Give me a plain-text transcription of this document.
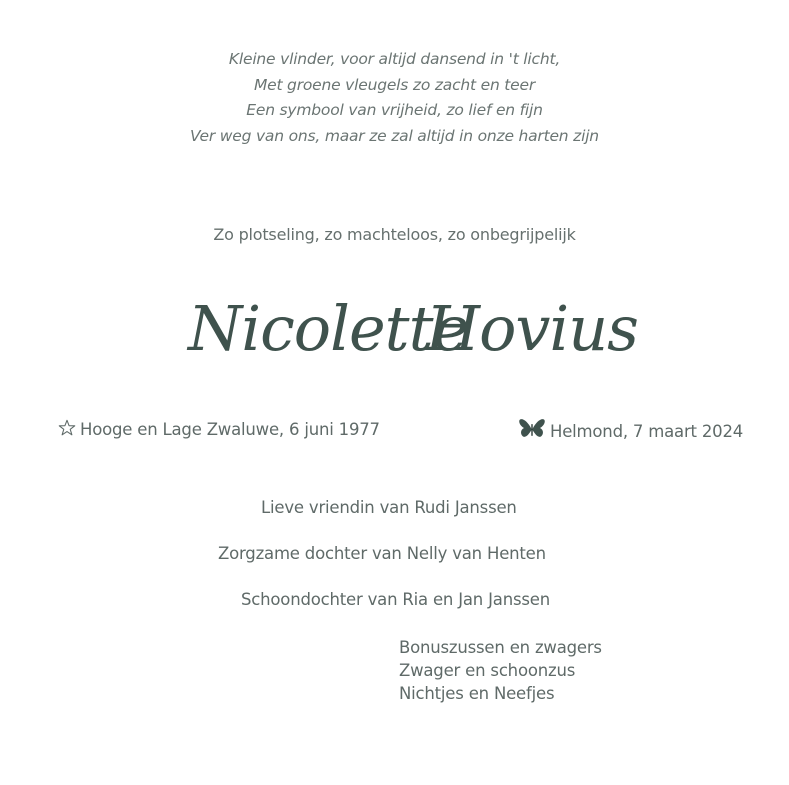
Kleine vlinder, voor altijd dansend in 't licht,
Met groene vleugels zo zacht en teer
Een symbool van vrijheid, zo lief en fijn
Ver weg van ons, maar ze zal altijd in onze harten zijn
Zo plotseling, zo machteloos, zo onbegrijpelijk
Nicolette
Hovius
Hooge en Lage Zwaluwe, 6 juni 1977	Helmond, 7 maart 2024
Lieve vriendin van Rudi Janssen
Zorgzame dochter van Nelly van Henten
Schoondochter van Ria en Jan Janssen
Bonuszussen en zwagers
Zwager en schoonzus
Nichtjes en Neefjes
